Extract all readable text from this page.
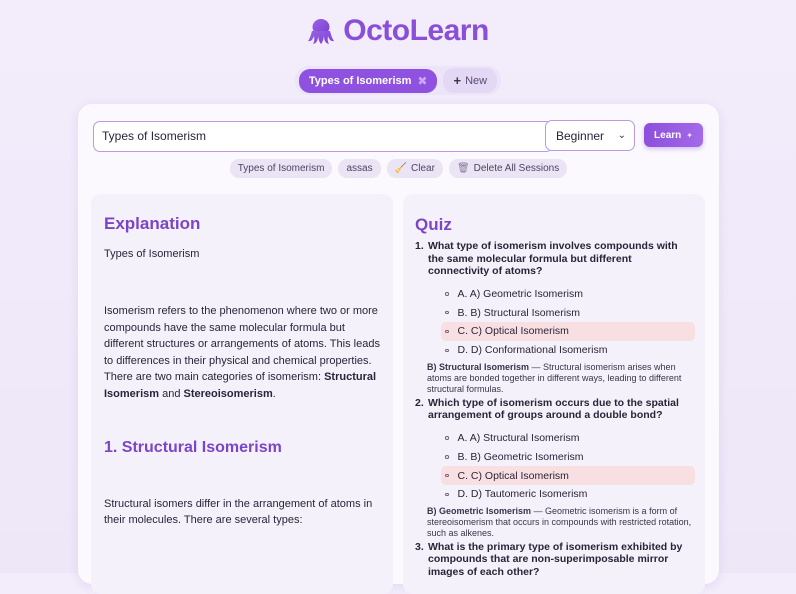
OctoLearn
Types of Isomerism ✖ + New
Types of Isomerism	Beginner ⌄	Learn ✦
Types of Isomerism assas 🧹 Clear 🗑 Delete All Sessions
Explanation

Types of Isomerism

Isomerism refers to the phenomenon where two or more compounds have the same molecular formula but different structures or arrangements of atoms. This leads to differences in their physical and chemical properties. There are two main categories of isomerism: Structural Isomerism and Stereoisomerism.

1. Structural Isomerism

Structural isomers differ in the arrangement of atoms in their molecules. There are several types:

Quiz
1. What type of isomerism involves compounds with the same molecular formula but different connectivity of atoms?
A. A) Geometric Isomerism
B. B) Structural Isomerism
C. C) Optical Isomerism
D. D) Conformational Isomerism
B) Structural Isomerism — Structural isomerism arises when atoms are bonded together in different ways, leading to different structural formulas.
2. Which type of isomerism occurs due to the spatial arrangement of groups around a double bond?
A. A) Structural Isomerism
B. B) Geometric Isomerism
C. C) Optical Isomerism
D. D) Tautomeric Isomerism
B) Geometric Isomerism — Geometric isomerism is a form of stereoisomerism that occurs in compounds with restricted rotation, such as alkenes.
3. What is the primary type of isomerism exhibited by compounds that are non-superimposable mirror images of each other?
